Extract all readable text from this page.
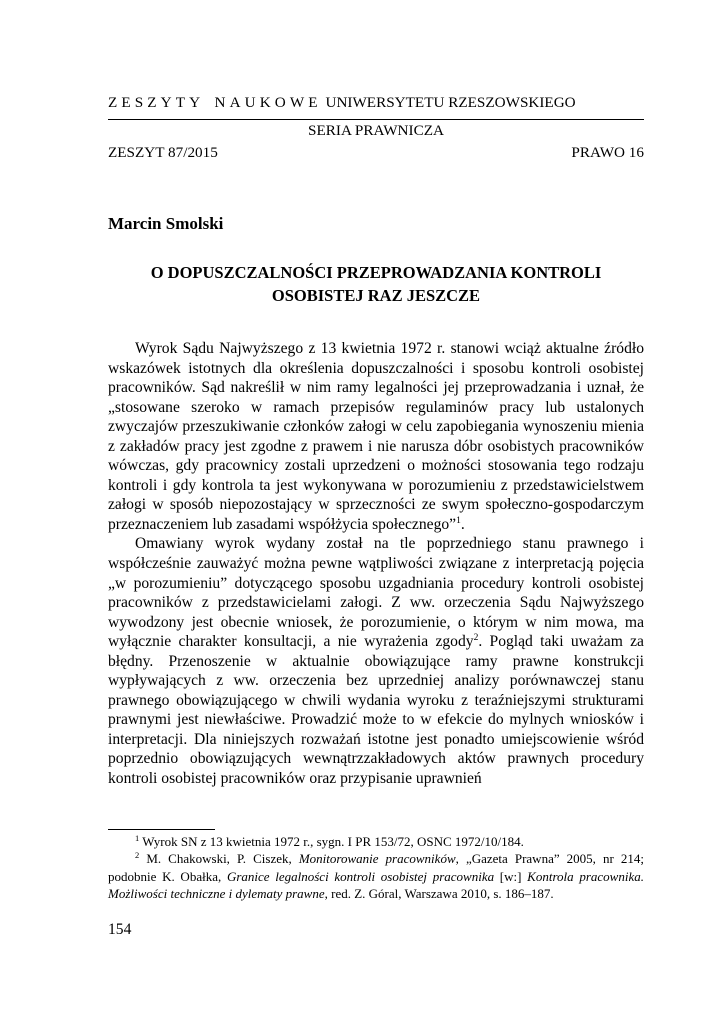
ZESZYTY NAUKOWE UNIWERSYTETU RZESZOWSKIEGO
SERIA PRAWNICZA
ZESZYT 87/2015	PRAWO 16
Marcin Smolski
O DOPUSZCZALNOŚCI PRZEPROWADZANIA KONTROLI
OSOBISTEJ RAZ JESZCZE

Wyrok Sądu Najwyższego z 13 kwietnia 1972 r. stanowi wciąż aktualne źródło wskazówek istotnych dla określenia dopuszczalności i sposobu kontroli osobistej pracowników. Sąd nakreślił w nim ramy legalności jej przeprowadzania i uznał, że „stosowane szeroko w ramach przepisów regulaminów pracy lub ustalonych zwyczajów przeszukiwanie członków załogi w celu zapobiegania wynoszeniu mienia z zakładów pracy jest zgodne z prawem i nie narusza dóbr osobistych pracowników wówczas, gdy pracownicy zostali uprzedzeni o możności stosowania tego rodzaju kontroli i gdy kontrola ta jest wykonywana w porozumieniu z przedstawicielstwem załogi w sposób niepozostający w sprzeczności ze swym społeczno-gospodarczym przeznaczeniem lub zasadami współżycia społecznego”$^1$.

Omawiany wyrok wydany został na tle poprzedniego stanu prawnego i współcześnie zauważyć można pewne wątpliwości związane z interpretacją pojęcia „w porozumieniu” dotyczącego sposobu uzgadniania procedury kontroli osobistej pracowników z przedstawicielami załogi. Z ww. orzeczenia Sądu Najwyższego wywodzony jest obecnie wniosek, że porozumienie, o którym w nim mowa, ma wyłącznie charakter konsultacji, a nie wyrażenia zgody$^2$. Pogląd taki uważam za błędny. Przenoszenie w aktualnie obowiązujące ramy prawne konstrukcji wypływających z ww. orzeczenia bez uprzedniej analizy porównawczej stanu prawnego obowiązującego w chwili wydania wyroku z teraźniejszymi strukturami prawnymi jest niewłaściwe. Prowadzić może to w efekcie do mylnych wniosków i interpretacji. Dla niniejszych rozważań istotne jest ponadto umiejscowienie wśród poprzednio obowiązujących wewnątrzzakładowych aktów prawnych procedury kontroli osobistej pracowników oraz przypisanie uprawnień

$^1$ Wyrok SN z 13 kwietnia 1972 r., sygn. I PR 153/72, OSNC 1972/10/184.

$^2$ M. Chakowski, P. Ciszek, Monitorowanie pracowników, „Gazeta Prawna” 2005, nr 214; podobnie K. Obałka, Granice legalności kontroli osobistej pracownika [w:] Kontrola pracownika. Możliwości techniczne i dylematy prawne, red. Z. Góral, Warszawa 2010, s. 186–187.

154
